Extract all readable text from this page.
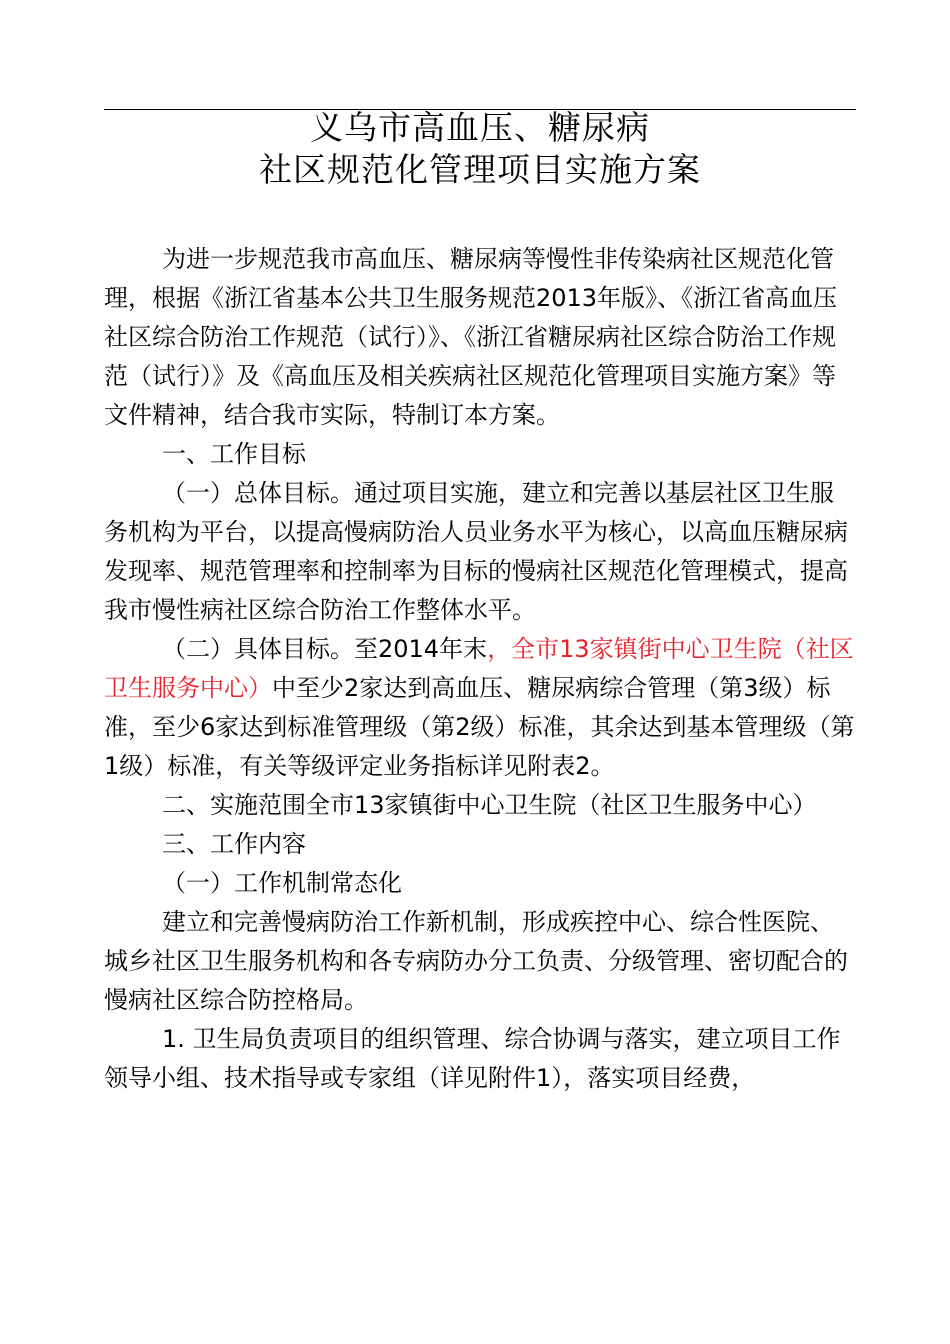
义乌市高血压、糖尿病
社区规范化管理项目实施方案

为进一步规范我市高血压、糖尿病等慢性非传染病社区规范化管理，根据《浙江省基本公共卫生服务规范2013年版》、《浙江省高血压社区综合防治工作规范（试行）》、《浙江省糖尿病社区综合防治工作规范（试行）》及《高血压及相关疾病社区规范化管理项目实施方案》等文件精神，结合我市实际，特制订本方案。

一、工作目标

（一）总体目标。通过项目实施，建立和完善以基层社区卫生服务机构为平台，以提高慢病防治人员业务水平为核心，以高血压糖尿病发现率、规范管理率和控制率为目标的慢病社区规范化管理模式，提高我市慢性病社区综合防治工作整体水平。

（二）具体目标。至2014年末，全市13家镇街中心卫生院（社区卫生服务中心）中至少2家达到高血压、糖尿病综合管理（第3级）标准，至少6家达到标准管理级（第2级）标准，其余达到基本管理级（第1级）标准，有关等级评定业务指标详见附表2。

二、实施范围全市13家镇街中心卫生院（社区卫生服务中心）

三、工作内容

（一）工作机制常态化

建立和完善慢病防治工作新机制，形成疾控中心、综合性医院、城乡社区卫生服务机构和各专病防办分工负责、分级管理、密切配合的慢病社区综合防控格局。

1. 卫生局负责项目的组织管理、综合协调与落实，建立项目工作领导小组、技术指导或专家组（详见附件1），落实项目经费，
